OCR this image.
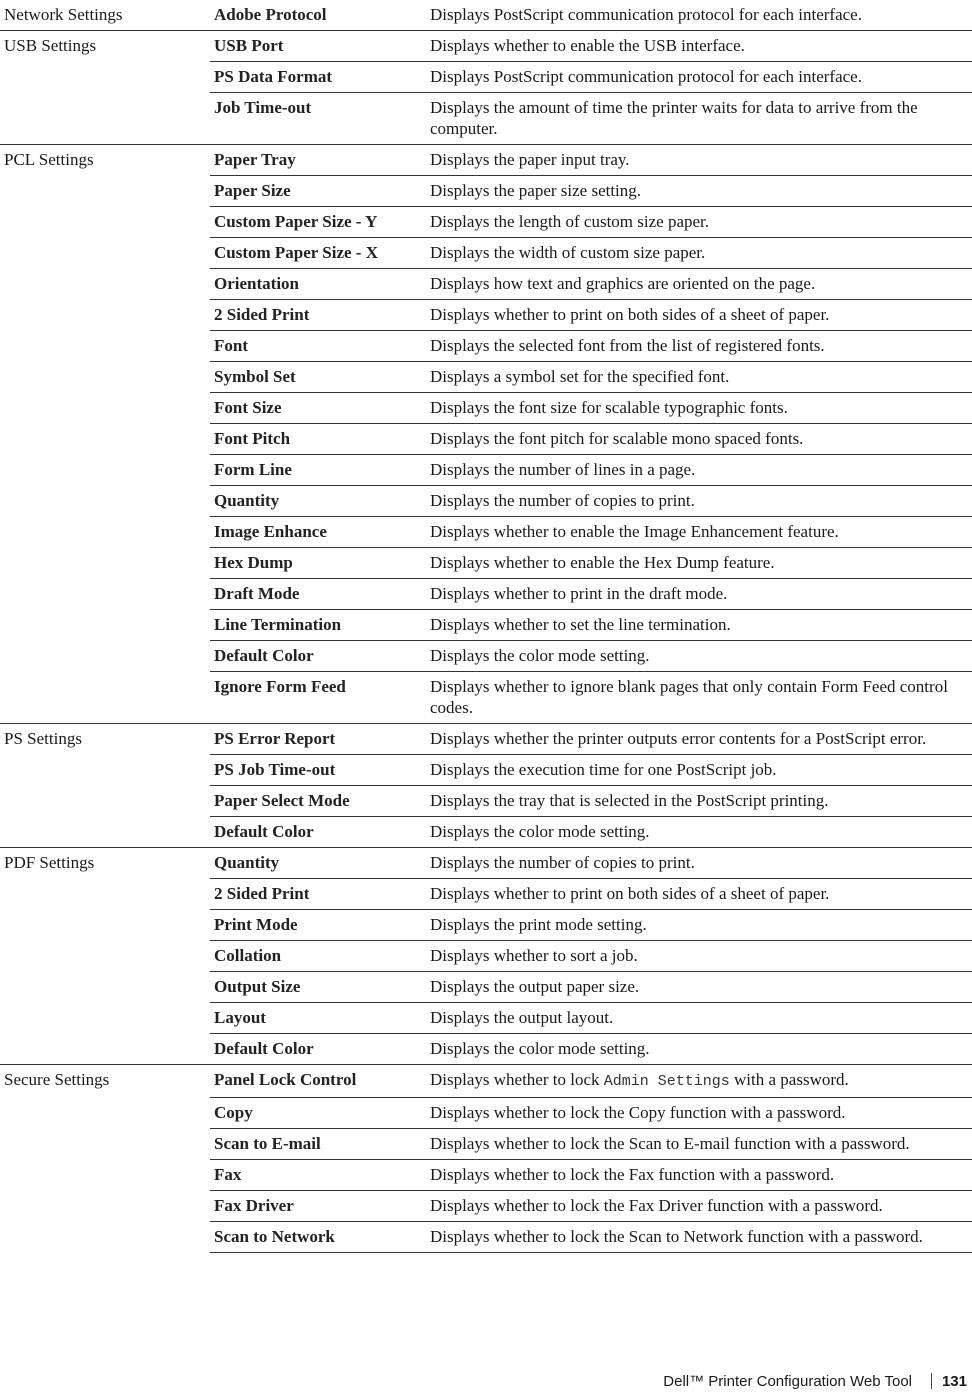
Network Settings	Adobe Protocol	Displays PostScript communication protocol for each interface.
USB Settings	USB Port	Displays whether to enable the USB interface.
	PS Data Format	Displays PostScript communication protocol for each interface.
	Job Time-out	Displays the amount of time the printer waits for data to arrive from the computer.
PCL Settings	Paper Tray	Displays the paper input tray.
	Paper Size	Displays the paper size setting.
	Custom Paper Size - Y	Displays the length of custom size paper.
	Custom Paper Size - X	Displays the width of custom size paper.
	Orientation	Displays how text and graphics are oriented on the page.
	2 Sided Print	Displays whether to print on both sides of a sheet of paper.
	Font	Displays the selected font from the list of registered fonts.
	Symbol Set	Displays a symbol set for the specified font.
	Font Size	Displays the font size for scalable typographic fonts.
	Font Pitch	Displays the font pitch for scalable mono spaced fonts.
	Form Line	Displays the number of lines in a page.
	Quantity	Displays the number of copies to print.
	Image Enhance	Displays whether to enable the Image Enhancement feature.
	Hex Dump	Displays whether to enable the Hex Dump feature.
	Draft Mode	Displays whether to print in the draft mode.
	Line Termination	Displays whether to set the line termination.
	Default Color	Displays the color mode setting.
	Ignore Form Feed	Displays whether to ignore blank pages that only contain Form Feed control codes.
PS Settings	PS Error Report	Displays whether the printer outputs error contents for a PostScript error.
	PS Job Time-out	Displays the execution time for one PostScript job.
	Paper Select Mode	Displays the tray that is selected in the PostScript printing.
	Default Color	Displays the color mode setting.
PDF Settings	Quantity	Displays the number of copies to print.
	2 Sided Print	Displays whether to print on both sides of a sheet of paper.
	Print Mode	Displays the print mode setting.
	Collation	Displays whether to sort a job.
	Output Size	Displays the output paper size.
	Layout	Displays the output layout.
	Default Color	Displays the color mode setting.
Secure Settings	Panel Lock Control	Displays whether to lock Admin Settings with a password.
	Copy	Displays whether to lock the Copy function with a password.
	Scan to E-mail	Displays whether to lock the Scan to E-mail function with a password.
	Fax	Displays whether to lock the Fax function with a password.
	Fax Driver	Displays whether to lock the Fax Driver function with a password.
	Scan to Network	Displays whether to lock the Scan to Network function with a password.
Dell™ Printer Configuration Web Tool 131
